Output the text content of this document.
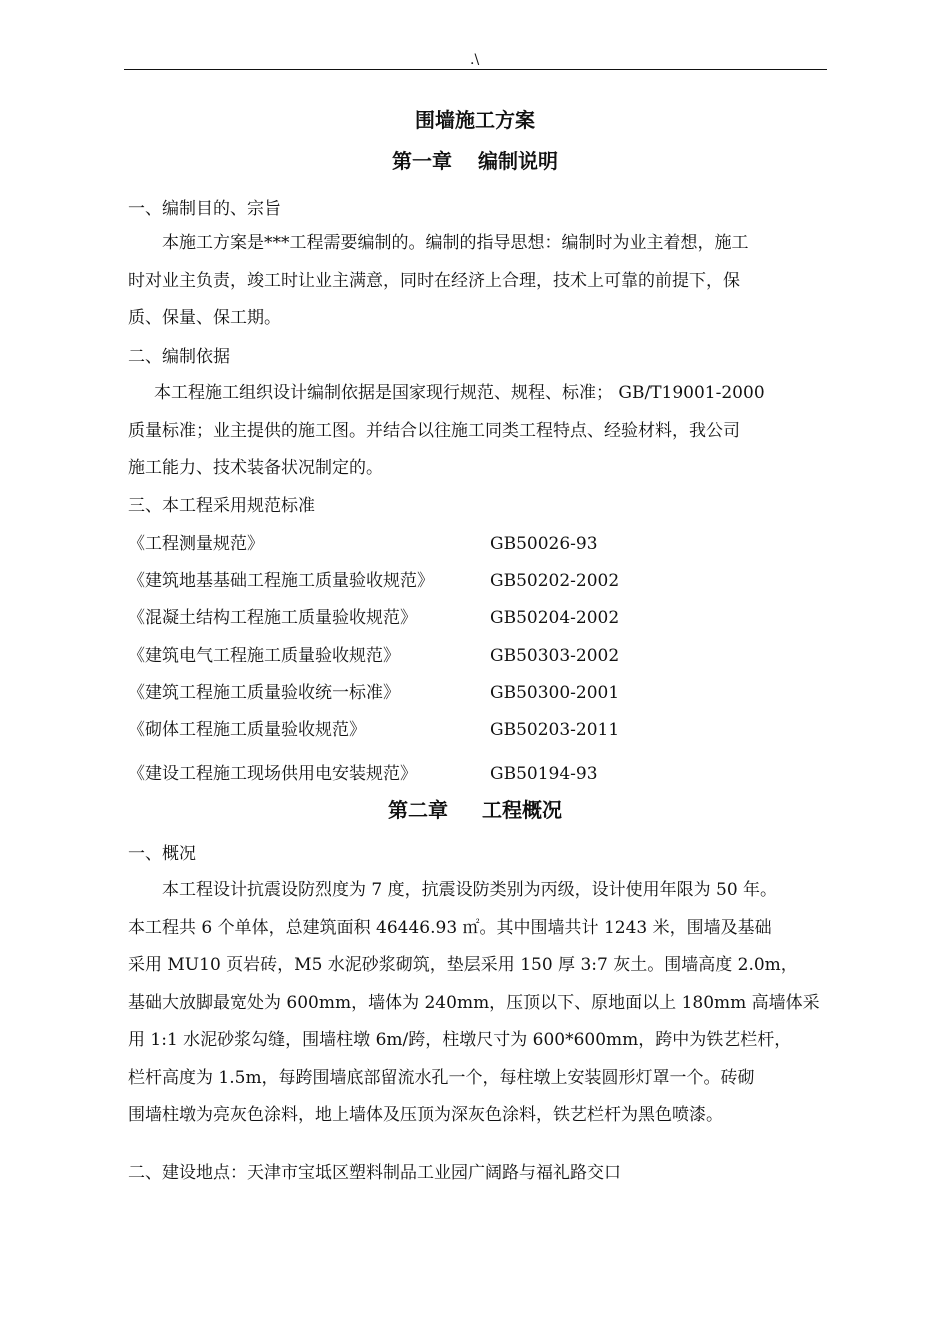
.\
围墙施工方案
第一章 编制说明
一、编制目的、宗旨
本施工方案是***工程需要编制的。编制的指导思想：编制时为业主着想，施工
时对业主负责，竣工时让业主满意，同时在经济上合理，技术上可靠的前提下，保
质、保量、保工期。
二、编制依据
本工程施工组织设计编制依据是国家现行规范、规程、标准； GB/T19001-2000
质量标准；业主提供的施工图。并结合以往施工同类工程特点、经验材料，我公司
施工能力、技术装备状况制定的。
三、本工程采用规范标准
《工程测量规范》	GB50026-93
《建筑地基基础工程施工质量验收规范》	GB50202-2002
《混凝土结构工程施工质量验收规范》	GB50204-2002
《建筑电气工程施工质量验收规范》	GB50303-2002
《建筑工程施工质量验收统一标准》	GB50300-2001
《砌体工程施工质量验收规范》	GB50203-2011
《建设工程施工现场供用电安装规范》	GB50194-93
第二章 工程概况
一、概况
本工程设计抗震设防烈度为 7 度，抗震设防类别为丙级，设计使用年限为 50 年。
本工程共 6 个单体，总建筑面积 46446.93 ㎡。其中围墙共计 1243 米，围墙及基础
采用 MU10 页岩砖，M5 水泥砂浆砌筑，垫层采用 150 厚 3:7 灰土。围墙高度 2.0m，
基础大放脚最宽处为 600mm，墙体为 240mm，压顶以下、原地面以上 180mm 高墙体采
用 1:1 水泥砂浆勾缝，围墙柱墩 6m/跨，柱墩尺寸为 600*600mm，跨中为铁艺栏杆，
栏杆高度为 1.5m，每跨围墙底部留流水孔一个，每柱墩上安装圆形灯罩一个。砖砌
围墙柱墩为亮灰色涂料，地上墙体及压顶为深灰色涂料，铁艺栏杆为黑色喷漆。
二、建设地点：天津市宝坻区塑料制品工业园广阔路与福礼路交口
